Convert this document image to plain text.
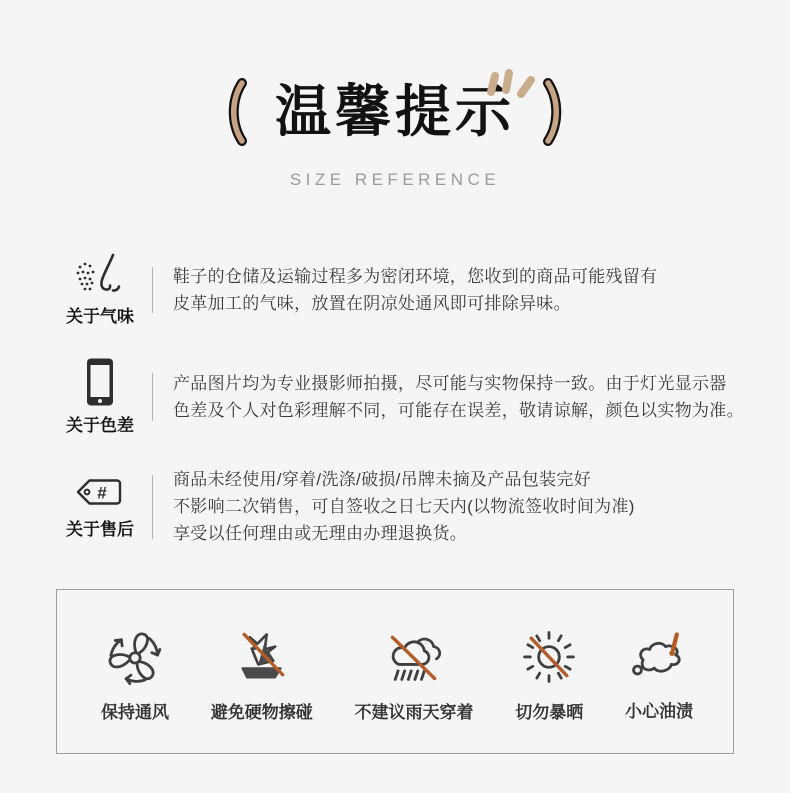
温馨提示
SIZE REFERENCE
关于气味
鞋子的仓储及运输过程多为密闭环境，您收到的商品可能残留有
皮革加工的气味，放置在阴凉处通风即可排除异味。
关于色差
产品图片均为专业摄影师拍摄，尽可能与实物保持一致。由于灯光显示器
色差及个人对色彩理解不同，可能存在误差，敬请谅解，颜色以实物为准。
#
关于售后
商品未经使用/穿着/洗涤/破损/吊牌未摘及产品包装完好
不影响二次销售，可自签收之日七天内(以物流签收时间为准)
享受以任何理由或无理由办理退换货。
保持通风 避免硬物擦碰 不建议雨天穿着 切勿暴晒 小心油渍
